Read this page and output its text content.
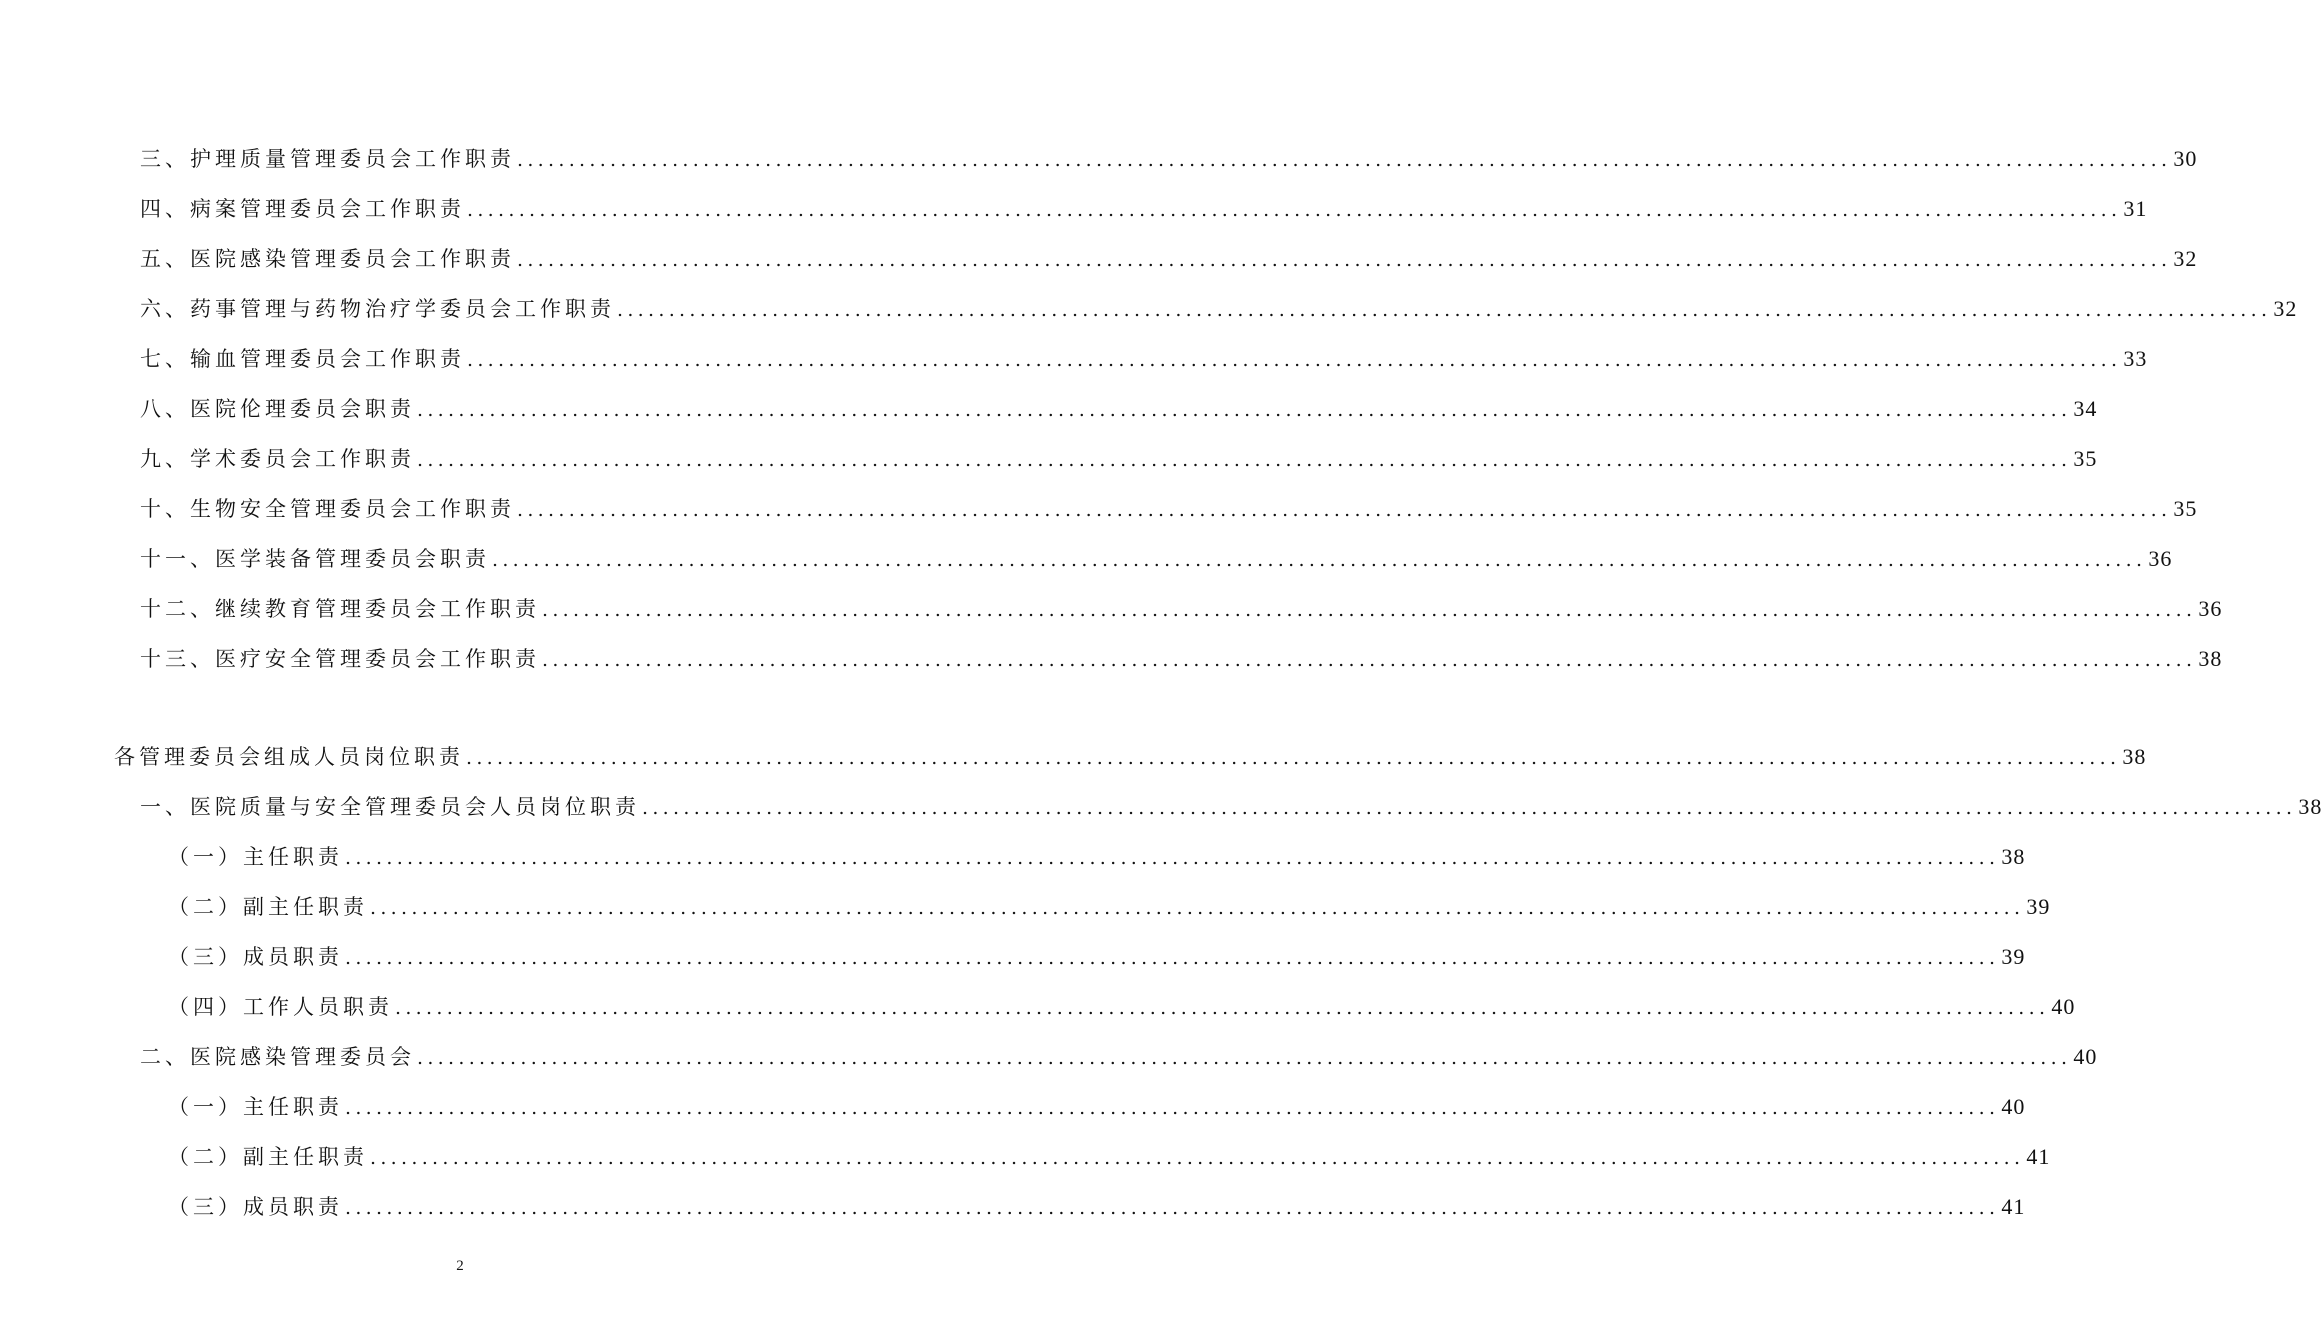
三、护理质量管理委员会工作职责 ................................................................................................................................................................ 30
四、病案管理委员会工作职责 ................................................................................................................................................................ 31
五、医院感染管理委员会工作职责 ................................................................................................................................................................ 32
六、药事管理与药物治疗学委员会工作职责 ................................................................................................................................................................ 32
七、输血管理委员会工作职责 ................................................................................................................................................................ 33
八、医院伦理委员会职责 ................................................................................................................................................................ 34
九、学术委员会工作职责 ................................................................................................................................................................ 35
十、生物安全管理委员会工作职责 ................................................................................................................................................................ 35
十一、医学装备管理委员会职责 ................................................................................................................................................................ 36
十二、继续教育管理委员会工作职责 ................................................................................................................................................................ 36
十三、医疗安全管理委员会工作职责 ................................................................................................................................................................ 38
各管理委员会组成人员岗位职责 ................................................................................................................................................................ 38
一、医院质量与安全管理委员会人员岗位职责 ................................................................................................................................................................ 38
（一）主任职责 ................................................................................................................................................................ 38
（二）副主任职责 ................................................................................................................................................................ 39
（三）成员职责 ................................................................................................................................................................ 39
（四）工作人员职责 ................................................................................................................................................................ 40
二、医院感染管理委员会 ................................................................................................................................................................ 40
（一）主任职责 ................................................................................................................................................................ 40
（二）副主任职责 ................................................................................................................................................................ 41
（三）成员职责 ................................................................................................................................................................ 41
2
